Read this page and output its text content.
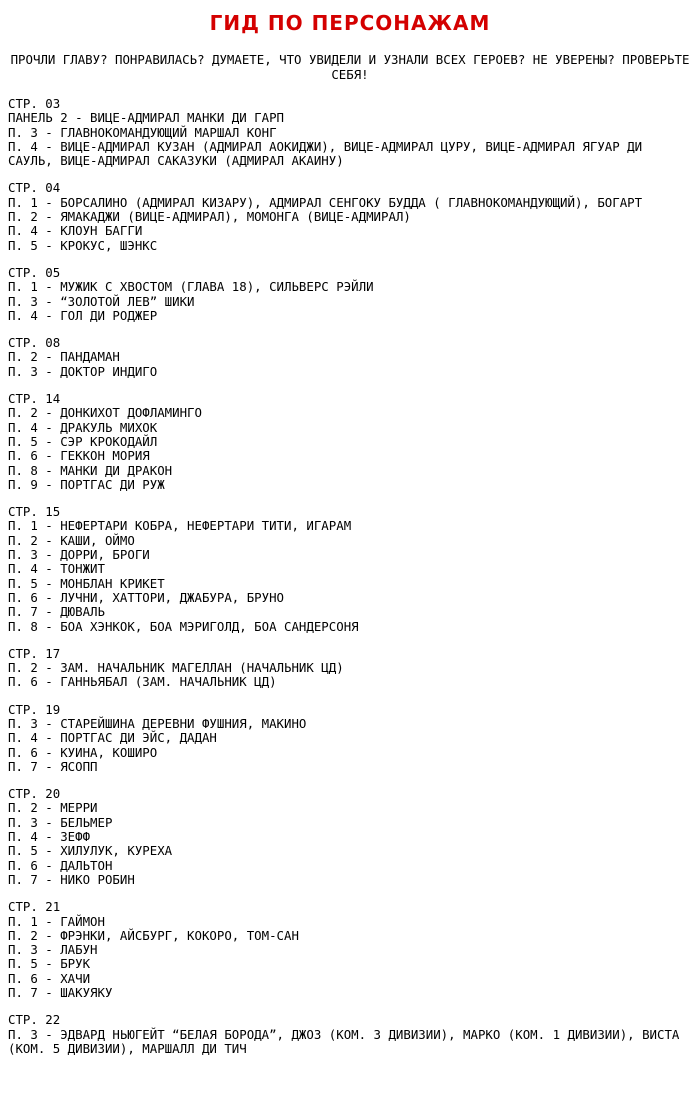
ГИД ПО ПЕРСОНАЖАМ
ПРОЧЛИ ГЛАВУ? ПОНРАВИЛАСЬ? ДУМАЕТЕ, ЧТО УВИДЕЛИ И УЗНАЛИ ВСЕХ ГЕРОЕВ? НЕ УВЕРЕНЫ? ПРОВЕРЬТЕ СЕБЯ!
СТР. 03
ПАНЕЛЬ 2 - ВИЦЕ-АДМИРАЛ МАНКИ ДИ ГАРП
П. 3 - ГЛАВНОКОМАНДУЮЩИЙ МАРШАЛ КОНГ
П. 4 - ВИЦЕ-АДМИРАЛ КУЗАН (АДМИРАЛ АОКИДЖИ), ВИЦЕ-АДМИРАЛ ЦУРУ, ВИЦЕ-АДМИРАЛ ЯГУАР ДИ САУЛЬ, ВИЦЕ-АДМИРАЛ САКАЗУКИ (АДМИРАЛ АКАИНУ)
СТР. 04
П. 1 - БОРСАЛИНО (АДМИРАЛ КИЗАРУ), АДМИРАЛ СЕНГОКУ БУДДА ( ГЛАВНОКОМАНДУЮЩИЙ), БОГАРТ
П. 2 - ЯМАКАДЖИ (ВИЦЕ-АДМИРАЛ), МОМОНГА (ВИЦЕ-АДМИРАЛ)
П. 4 - КЛОУН БАГГИ
П. 5 - КРОКУС, ШЭНКС
СТР. 05
П. 1 - МУЖИК С ХВОСТОМ (ГЛАВА 18), СИЛЬВЕРС РЭЙЛИ
П. 3 - “ЗОЛОТОЙ ЛЕВ” ШИКИ
П. 4 - ГОЛ ДИ РОДЖЕР
СТР. 08
П. 2 - ПАНДАМАН
П. 3 - ДОКТОР ИНДИГО
СТР. 14
П. 2 - ДОНКИХОТ ДОФЛАМИНГО
П. 4 - ДРАКУЛЬ МИХОК
П. 5 - СЭР КРОКОДАЙЛ
П. 6 - ГЕККОН МОРИЯ
П. 8 - МАНКИ ДИ ДРАКОН
П. 9 - ПОРТГАС ДИ РУЖ
СТР. 15
П. 1 - НЕФЕРТАРИ КОБРА, НЕФЕРТАРИ ТИТИ, ИГАРАМ
П. 2 - КАШИ, ОЙМО
П. 3 - ДОРРИ, БРОГИ
П. 4 - ТОНЖИТ
П. 5 - МОНБЛАН КРИКЕТ
П. 6 - ЛУЧНИ, ХАТТОРИ, ДЖАБУРА, БРУНО
П. 7 - ДЮВАЛЬ
П. 8 - БОА ХЭНКОК, БОА МЭРИГОЛД, БОА САНДЕРСОНЯ
СТР. 17
П. 2 - ЗАМ. НАЧАЛЬНИК МАГЕЛЛАН (НАЧАЛЬНИК ЦД)
П. 6 - ГАННЬЯБАЛ (ЗАМ. НАЧАЛЬНИК ЦД)
СТР. 19
П. 3 - СТАРЕЙШИНА ДЕРЕВНИ ФУШНИЯ, МАКИНО
П. 4 - ПОРТГАС ДИ ЭЙС, ДАДАН
П. 6 - КУИНА, КОШИРО
П. 7 - ЯСОПП
СТР. 20
П. 2 - МЕРРИ
П. 3 - БЕЛЬМЕР
П. 4 - ЗЕФФ
П. 5 - ХИЛУЛУК, КУРЕХА
П. 6 - ДАЛЬТОН
П. 7 - НИКО РОБИН
СТР. 21
П. 1 - ГАЙМОН
П. 2 - ФРЭНКИ, АЙСБУРГ, КОКОРО, ТОМ-САН
П. 3 - ЛАБУН
П. 5 - БРУК
П. 6 - ХАЧИ
П. 7 - ШАКУЯКУ
СТР. 22
П. 3 - ЭДВАРД НЬЮГЕЙТ “БЕЛАЯ БОРОДА”, ДЖОЗ (КОМ. 3 ДИВИЗИИ), МАРКО (КОМ. 1 ДИВИЗИИ), ВИСТА (КОМ. 5 ДИВИЗИИ), МАРШАЛЛ ДИ ТИЧ
